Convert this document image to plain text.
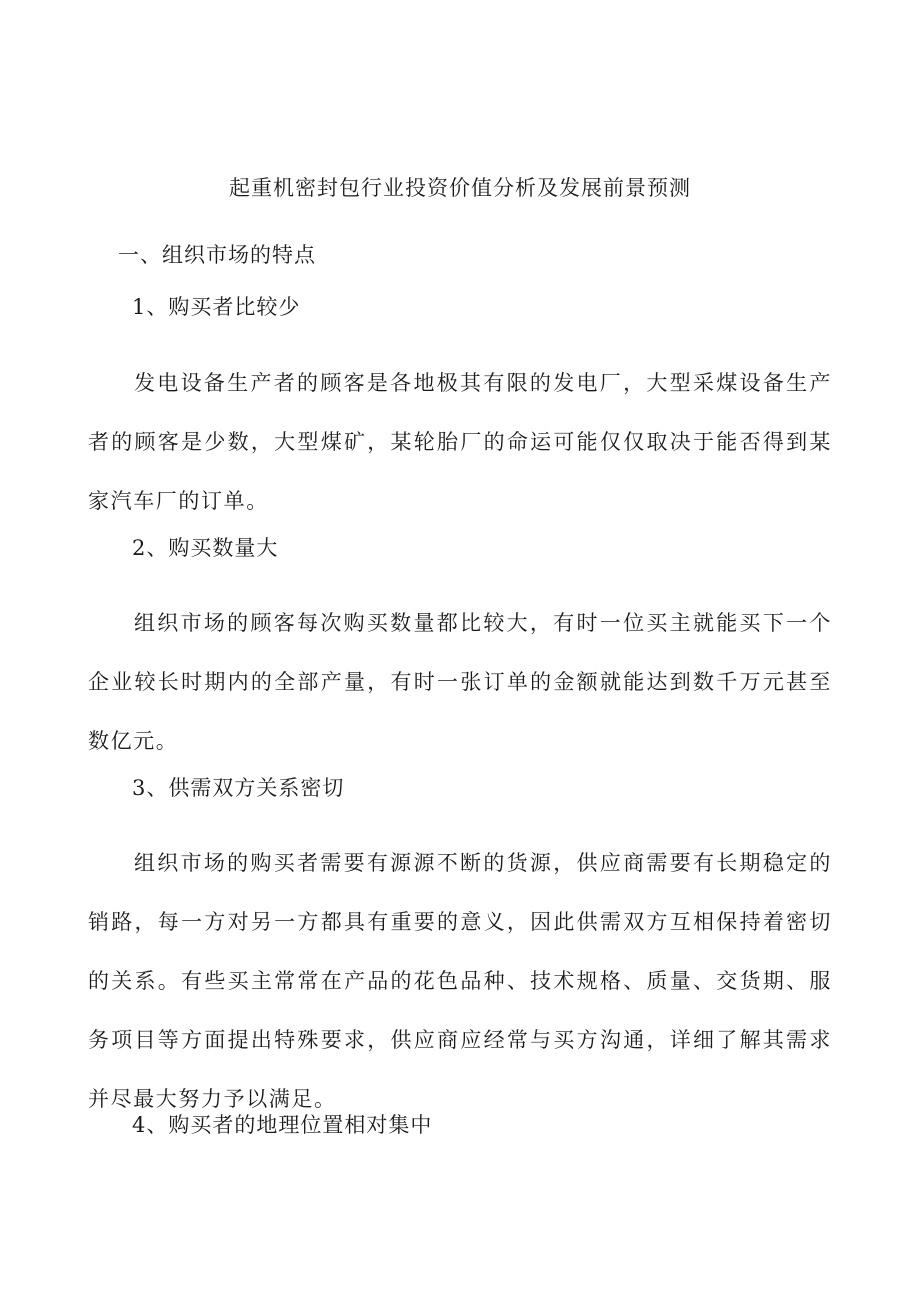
起重机密封包行业投资价值分析及发展前景预测
一、组织市场的特点
1、购买者比较少
发电设备生产者的顾客是各地极其有限的发电厂，大型采煤设备生产者的顾客是少数，大型煤矿，某轮胎厂的命运可能仅仅取决于能否得到某家汽车厂的订单。
2、购买数量大
组织市场的顾客每次购买数量都比较大，有时一位买主就能买下一个企业较长时期内的全部产量，有时一张订单的金额就能达到数千万元甚至数亿元。
3、供需双方关系密切
组织市场的购买者需要有源源不断的货源，供应商需要有长期稳定的销路，每一方对另一方都具有重要的意义，因此供需双方互相保持着密切的关系。有些买主常常在产品的花色品种、技术规格、质量、交货期、服务项目等方面提出特殊要求，供应商应经常与买方沟通，详细了解其需求并尽最大努力予以满足。
4、购买者的地理位置相对集中
